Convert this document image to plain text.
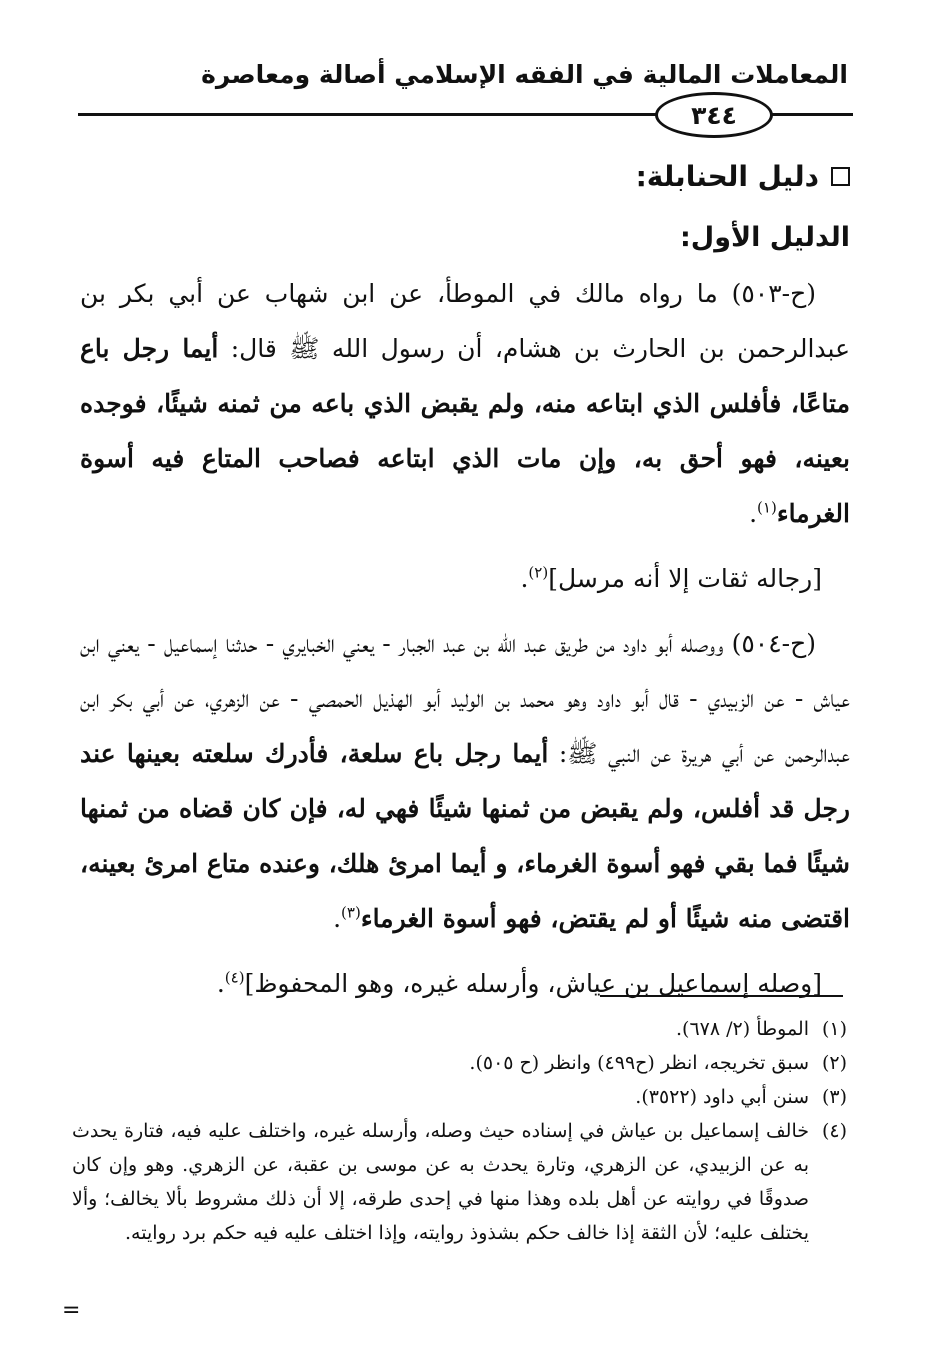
المعاملات المالية في الفقه الإسلامي أصالة ومعاصرة
٣٤٤
دليل الحنابلة:
الدليل الأول:

(ح-٥٠٣) ما رواه مالك في الموطأ، عن ابن شهاب عن أبي بكر بن عبدالرحمن بن الحارث بن هشام، أن رسول الله ﷺ قال: أيما رجل باع متاعًا، فأفلس الذي ابتاعه منه، ولم يقبض الذي باعه من ثمنه شيئًا، فوجده بعينه، فهو أحق به، وإن مات الذي ابتاعه فصاحب المتاع فيه أسوة الغرماء$^{(١)}$.

[رجاله ثقات إلا أنه مرسل]$^{(٢)}$.

(ح-٥٠٤) ووصله أبو داود من طريق عبد الله بن عبد الجبار - يعني الخبايري - حدثنا إسماعيل - يعني ابن عياش - عن الزبيدي - قال أبو داود وهو محمد بن الوليد أبو الهذيل الحمصي - عن الزهري، عن أبي بكر ابن عبدالرحمن عن أبي هريرة عن النبي ﷺ: أيما رجل باع سلعة، فأدرك سلعته بعينها عند رجل قد أفلس، ولم يقبض من ثمنها شيئًا فهي له، فإن كان قضاه من ثمنها شيئًا فما بقي فهو أسوة الغرماء، و أيما امرئ هلك، وعنده متاع امرئ بعينه، اقتضى منه شيئًا أو لم يقتض، فهو أسوة الغرماء$^{(٣)}$.

[وصله إسماعيل بن عياش، وأرسله غيره، وهو المحفوظ]$^{(٤)}$.

(١)
الموطأ (٢/ ٦٧٨).
(٢)
سبق تخريجه، انظر (ح٤٩٩) وانظر (ح ٥٠٥).
(٣)
سنن أبي داود (٣٥٢٢).
(٤)
خالف إسماعيل بن عياش في إسناده حيث وصله، وأرسله غيره، واختلف عليه فيه، فتارة يحدث به عن الزبيدي، عن الزهري، وتارة يحدث به عن موسى بن عقبة، عن الزهري. وهو وإن كان صدوقًا في روايته عن أهل بلده وهذا منها في إحدى طرقه، إلا أن ذلك مشروط بألا يخالف؛ وألا يختلف عليه؛ لأن الثقة إذا خالف حكم بشذوذ روايته، وإذا اختلف عليه فيه حكم برد روايته.
=
